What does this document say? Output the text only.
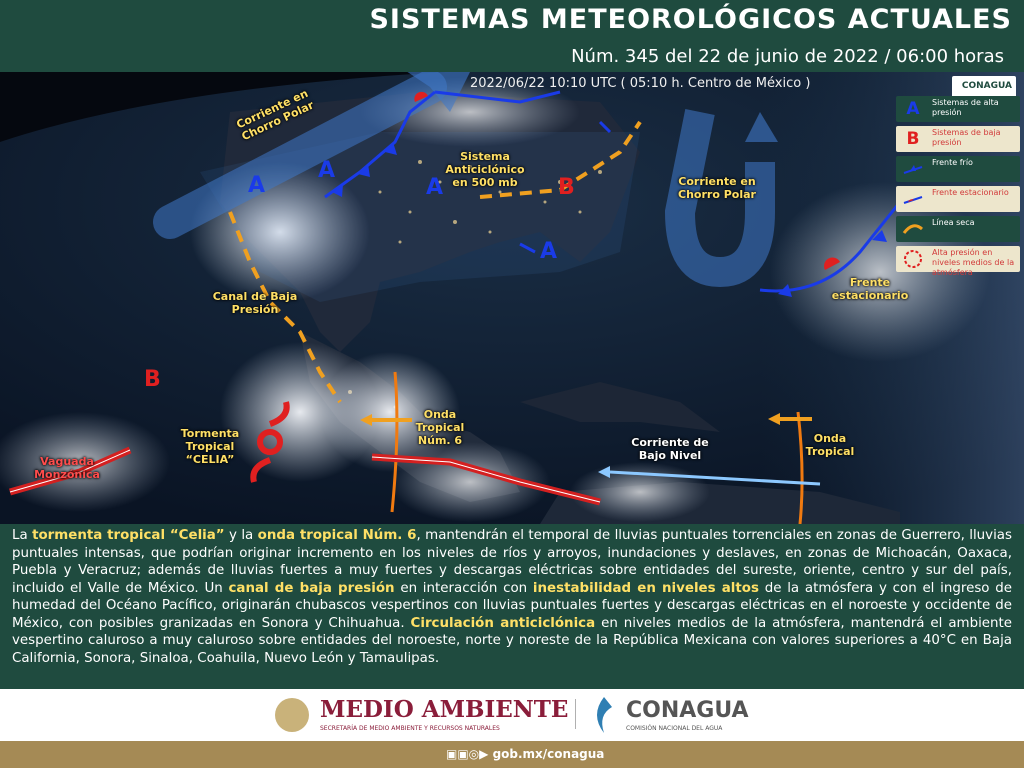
SISTEMAS METEOROLÓGICOS ACTUALES
Núm. 345 del 22 de junio de 2022 / 06:00 horas
A
A
A
A
B
B
2022/06/22 10:10 UTC ( 05:10 h. Centro de México )
Corriente en Chorro Polar
Sistema Anticiclónico en 500 mb	Corriente en Chorro Polar
Canal de Baja Presión
Frente estacionario
Tormenta Tropical “CELIA”
Vaguada Monzónica
Onda Tropical Núm. 6	Corriente de Bajo Nivel
Onda Tropical
CONAGUA
A	Sistemas de alta presión
B	Sistemas de baja presión
Frente frío
Frente estacionario
Línea seca
Alta presión en niveles medios de la atmósfera
La tormenta tropical “Celia” y la onda tropical Núm. 6, mantendrán el temporal de lluvias puntuales torrenciales en zonas de Guerrero, lluvias puntuales intensas, que podrían originar incremento en los niveles de ríos y arroyos, inundaciones y deslaves, en zonas de Michoacán, Oaxaca, Puebla y Veracruz; además de lluvias fuertes a muy fuertes y descargas eléctricas sobre entidades del sureste, oriente, centro y sur del país, incluido el Valle de México. Un canal de baja presión en interacción con inestabilidad en niveles altos de la atmósfera y con el ingreso de humedad del Océano Pacífico, originarán chubascos vespertinos con lluvias puntuales fuertes y descargas eléctricas en el noroeste y occidente de México, con posibles granizadas en Sonora y Chihuahua. Circulación anticiclónica en niveles medios de la atmósfera, mantendrá el ambiente vespertino caluroso a muy caluroso sobre entidades del noroeste, norte y noreste de la República Mexicana con valores superiores a 40°C en Baja California, Sonora, Sinaloa, Coahuila, Nuevo León y Tamaulipas.
MEDIO AMBIENTE
SECRETARÍA DE MEDIO AMBIENTE Y RECURSOS NATURALES
CONAGUA
COMISIÓN NACIONAL DEL AGUA
▣▣◎▶ gob.mx/conagua
